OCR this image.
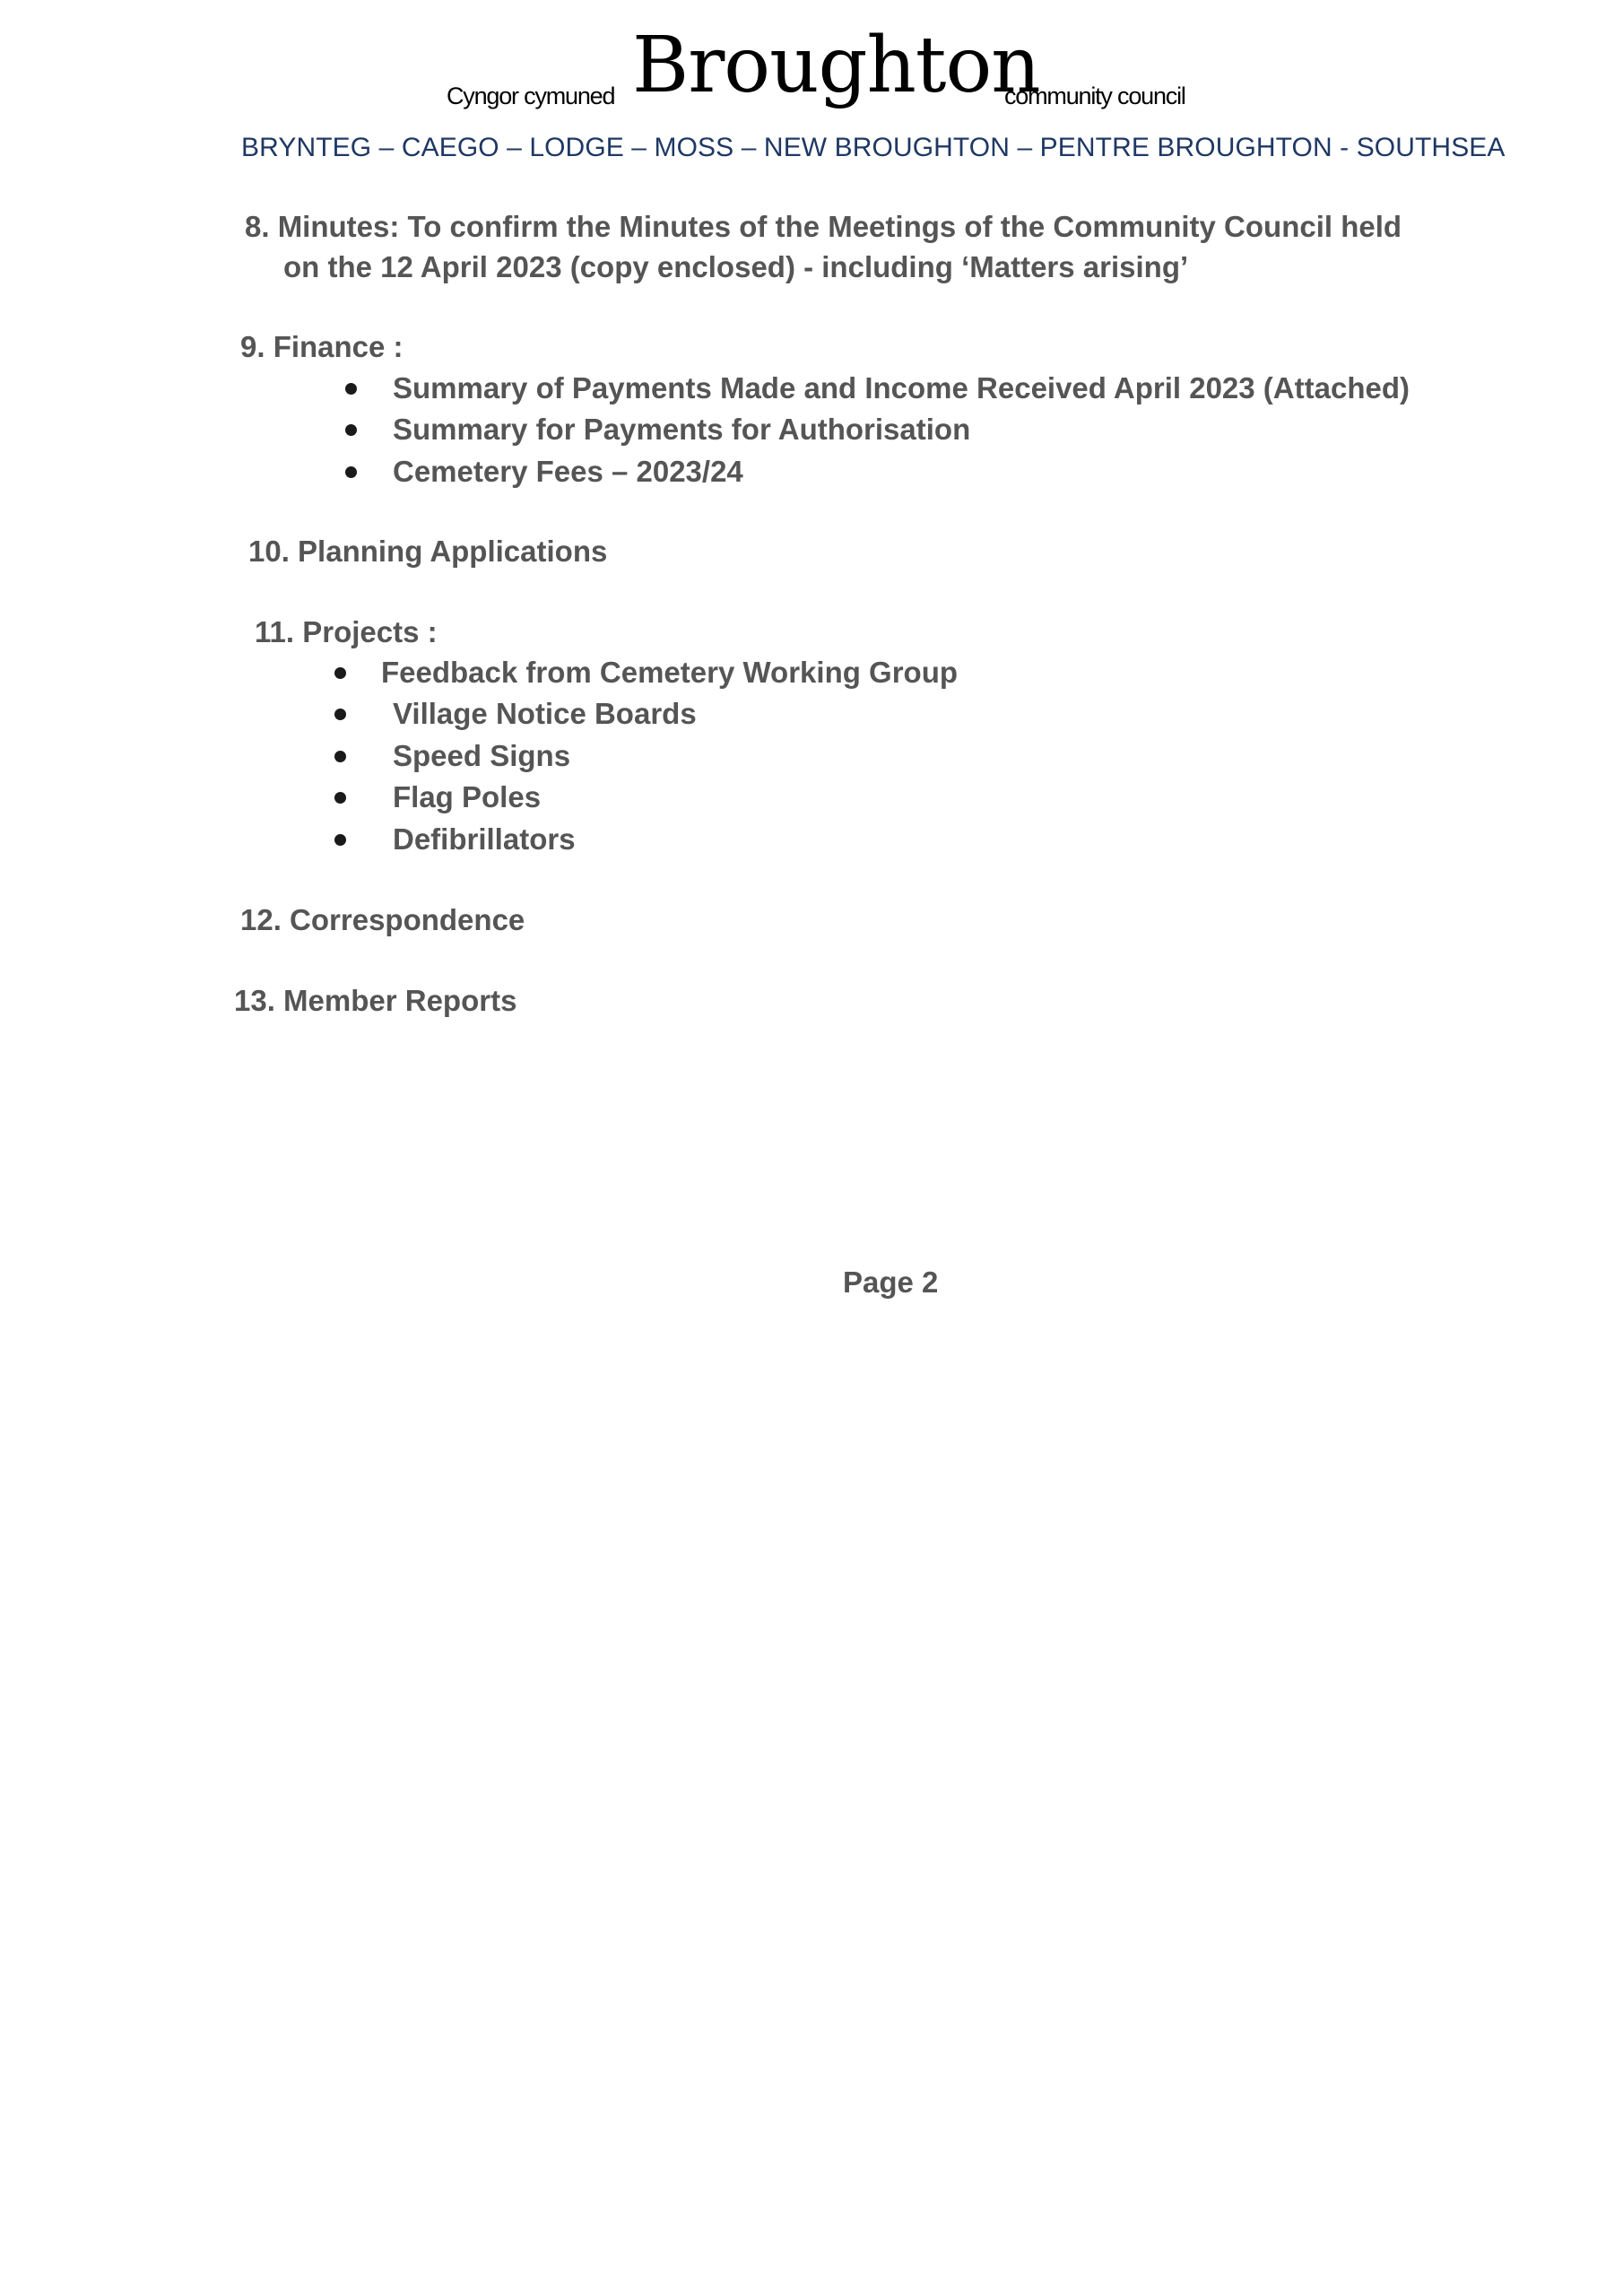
Cyngor cymuned Broughton
community council
BRYNTEG – CAEGO – LODGE – MOSS – NEW BROUGHTON – PENTRE BROUGHTON - SOUTHSEA
8. Minutes: To confirm the Minutes of the Meetings of the Community Council held
on the 12 April 2023 (copy enclosed) - including ‘Matters arising’
9. Finance :
Summary of Payments Made and Income Received April 2023 (Attached)
Summary for Payments for Authorisation
Cemetery Fees – 2023/24
10. Planning Applications
11. Projects :
Feedback from Cemetery Working Group
Village Notice Boards
Speed Signs
Flag Poles
Defibrillators
12. Correspondence
13. Member Reports
Page 2
